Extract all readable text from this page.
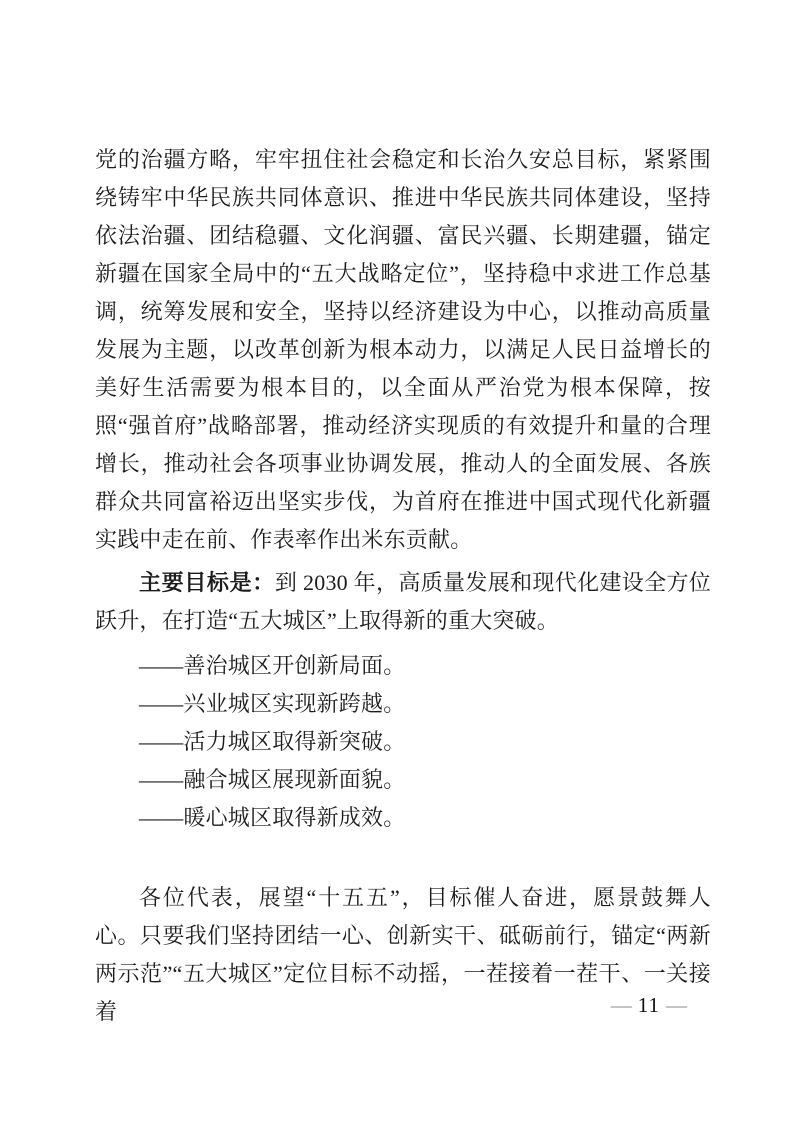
党的治疆方略，牢牢扭住社会稳定和长治久安总目标，紧紧围绕铸牢中华民族共同体意识、推进中华民族共同体建设，坚持依法治疆、团结稳疆、文化润疆、富民兴疆、长期建疆，锚定新疆在国家全局中的“五大战略定位”，坚持稳中求进工作总基调，统筹发展和安全，坚持以经济建设为中心，以推动高质量发展为主题，以改革创新为根本动力，以满足人民日益增长的美好生活需要为根本目的，以全面从严治党为根本保障，按照“强首府”战略部署，推动经济实现质的有效提升和量的合理增长，推动社会各项事业协调发展，推动人的全面发展、各族群众共同富裕迈出坚实步伐，为首府在推进中国式现代化新疆实践中走在前、作表率作出米东贡献。

主要目标是：到 2030 年，高质量发展和现代化建设全方位跃升，在打造“五大城区”上取得新的重大突破。

——善治城区开创新局面。

——兴业城区实现新跨越。

——活力城区取得新突破。

——融合城区展现新面貌。

——暖心城区取得新成效。

各位代表，展望“十五五”，目标催人奋进，愿景鼓舞人心。只要我们坚持团结一心、创新实干、砥砺前行，锚定“两新两示范”“五大城区”定位目标不动摇，一茬接着一茬干、一关接着	— 11 —
